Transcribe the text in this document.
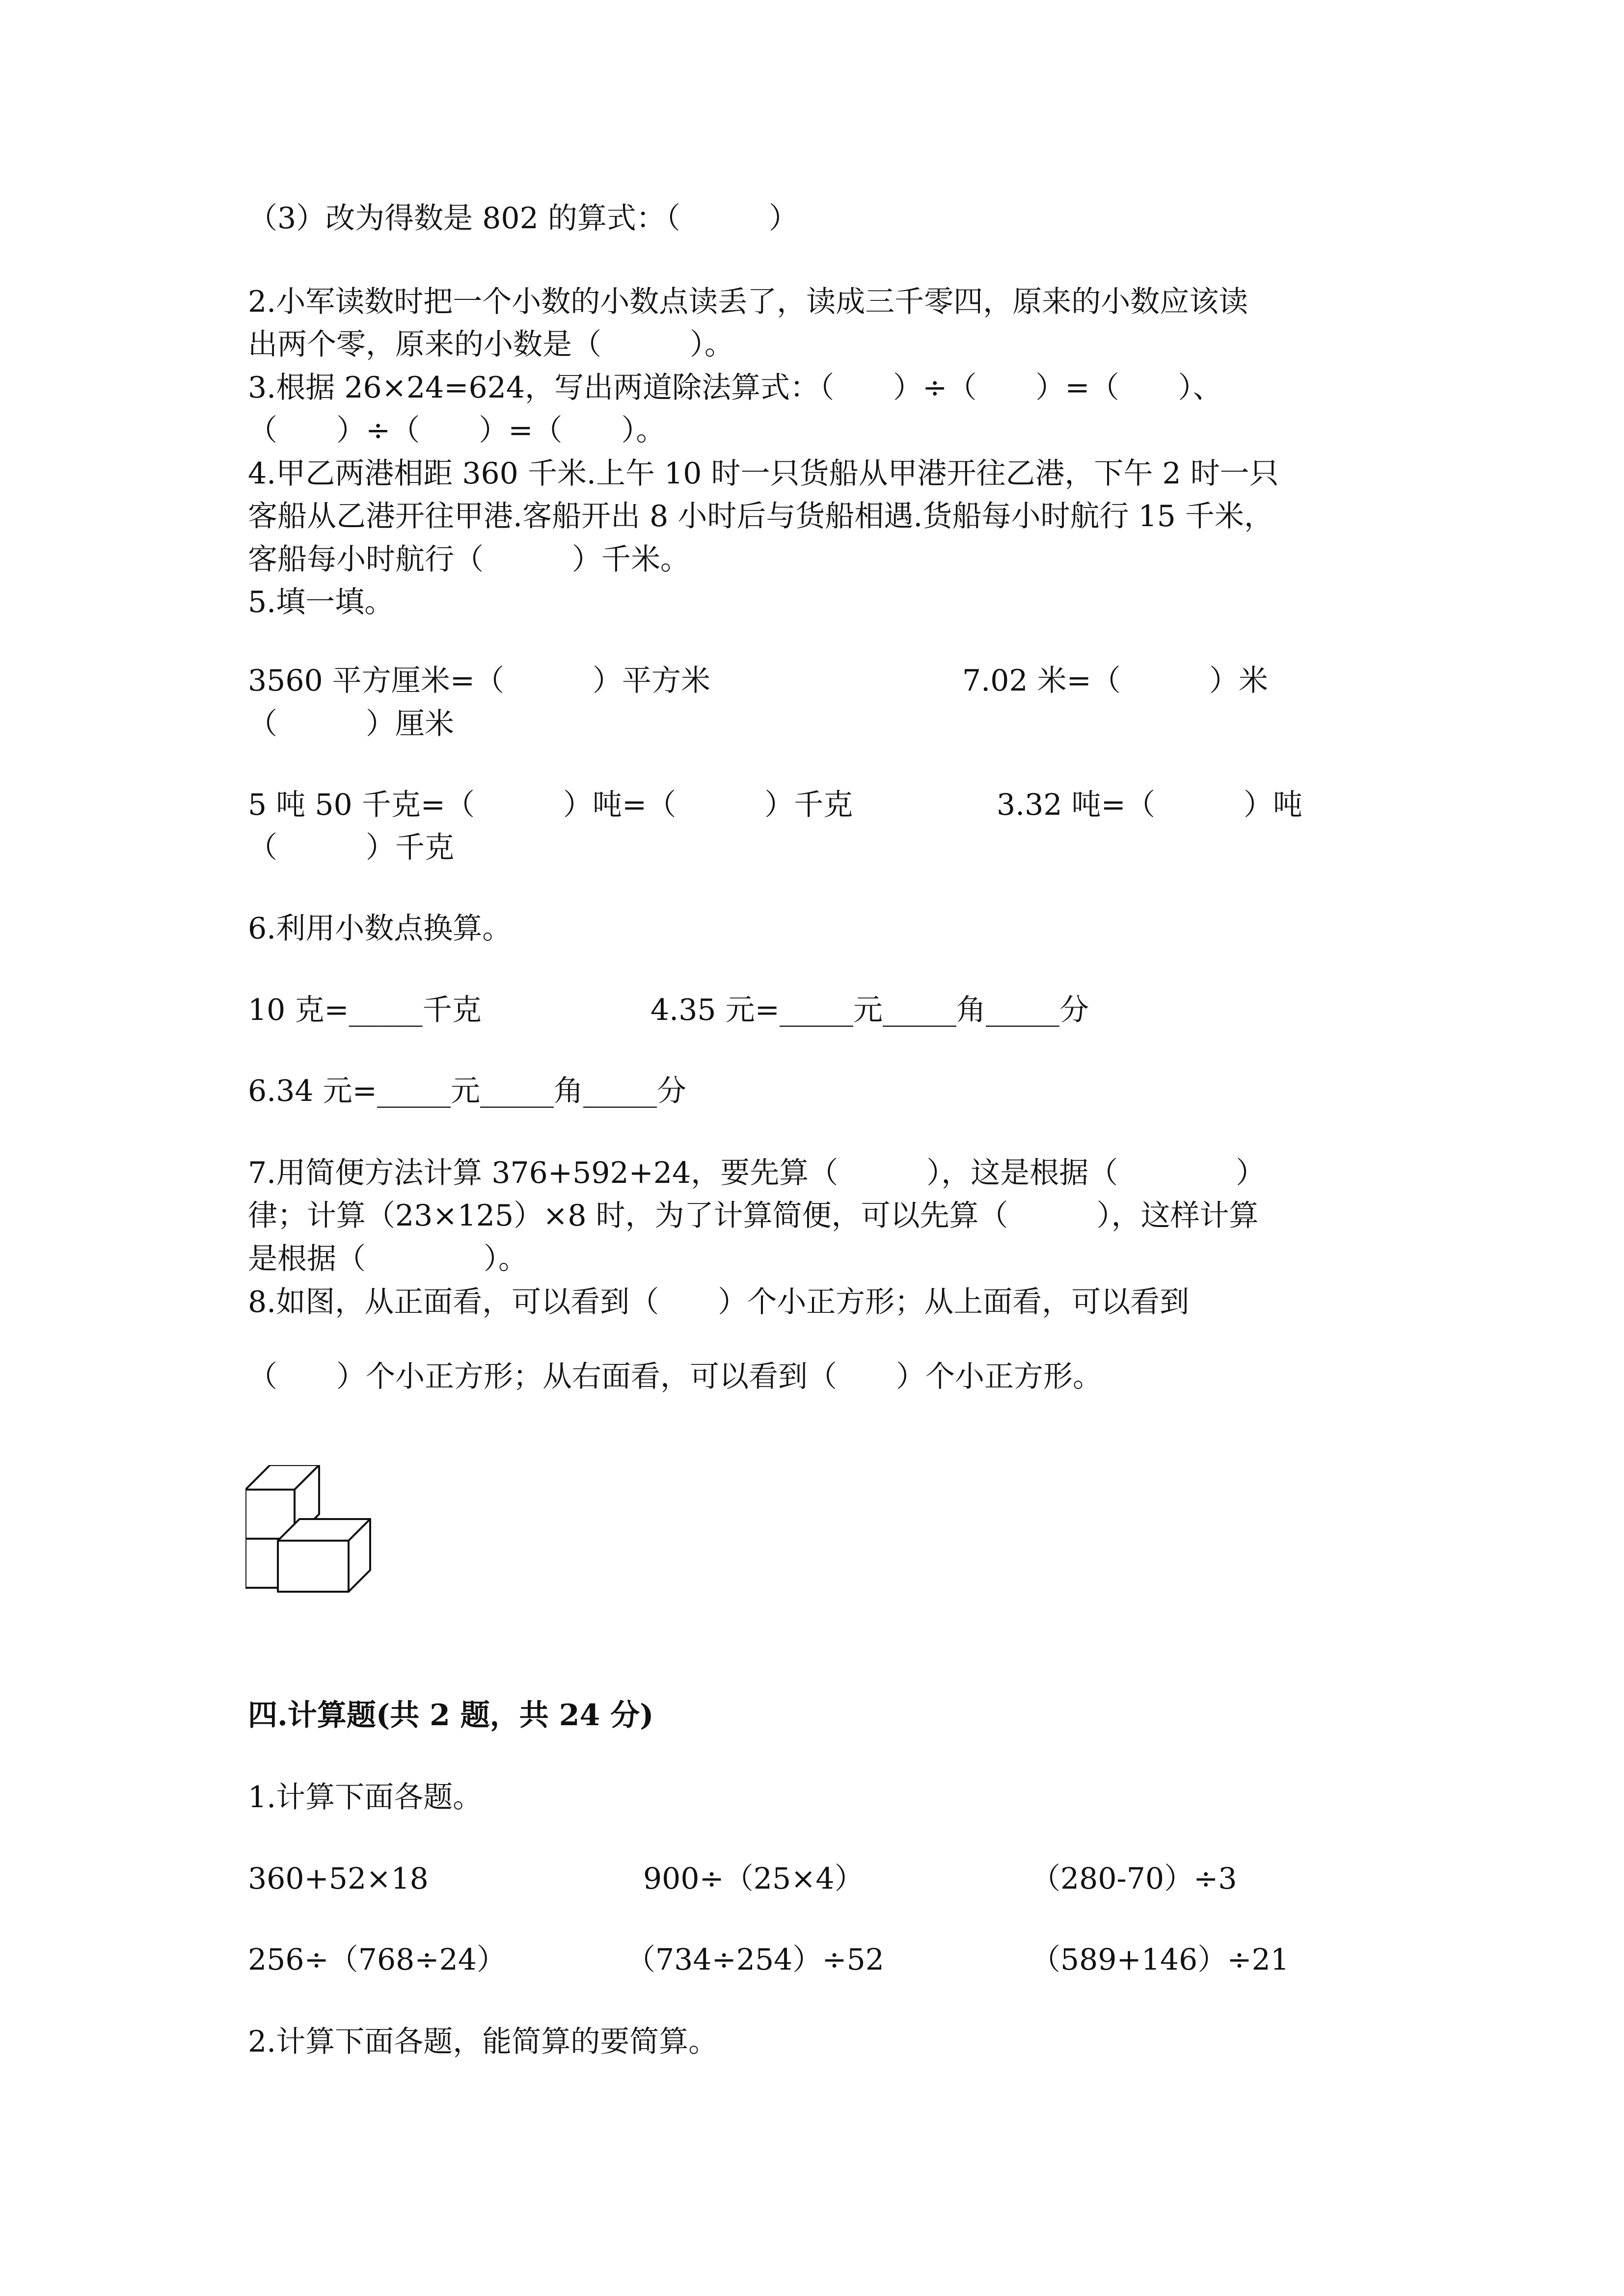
（3）改为得数是 802 的算式：（　　　）
2.小军读数时把一个小数的小数点读丢了，读成三千零四，原来的小数应该读
出两个零，原来的小数是（　　　）。
3.根据 26×24=624，写出两道除法算式：（　　）÷（　　）=（　　）、
（　　）÷（　　）=（　　）。
4.甲乙两港相距 360 千米.上午 10 时一只货船从甲港开往乙港，下午 2 时一只
客船从乙港开往甲港.客船开出 8 小时后与货船相遇.货船每小时航行 15 千米，
客船每小时航行（　　　）千米。
5.填一填。
3560 平方厘米=（　　　）平方米	7.02 米=（　　　）米
（　　　）厘米
5 吨 50 千克=（　　　）吨=（　　　）千克	3.32 吨=（　　　）吨
（　　　）千克
6.利用小数点换算。
10 克=_____千克	4.35 元=_____元_____角_____分
6.34 元=_____元_____角_____分
7.用简便方法计算 376+592+24，要先算（　　　），这是根据（　　　　）
律；计算（23×125）×8 时，为了计算简便，可以先算（　　　），这样计算
是根据（　　　　）。
8.如图，从正面看，可以看到（　　）个小正方形；从上面看，可以看到
（　　）个小正方形；从右面看，可以看到（　　）个小正方形。
四.计算题(共 2 题，共 24 分)
1.计算下面各题。
360+52×18	900÷（25×4）	（280-70）÷3
256÷（768÷24）	（734÷254）÷52	（589+146）÷21
2.计算下面各题，能简算的要简算。
